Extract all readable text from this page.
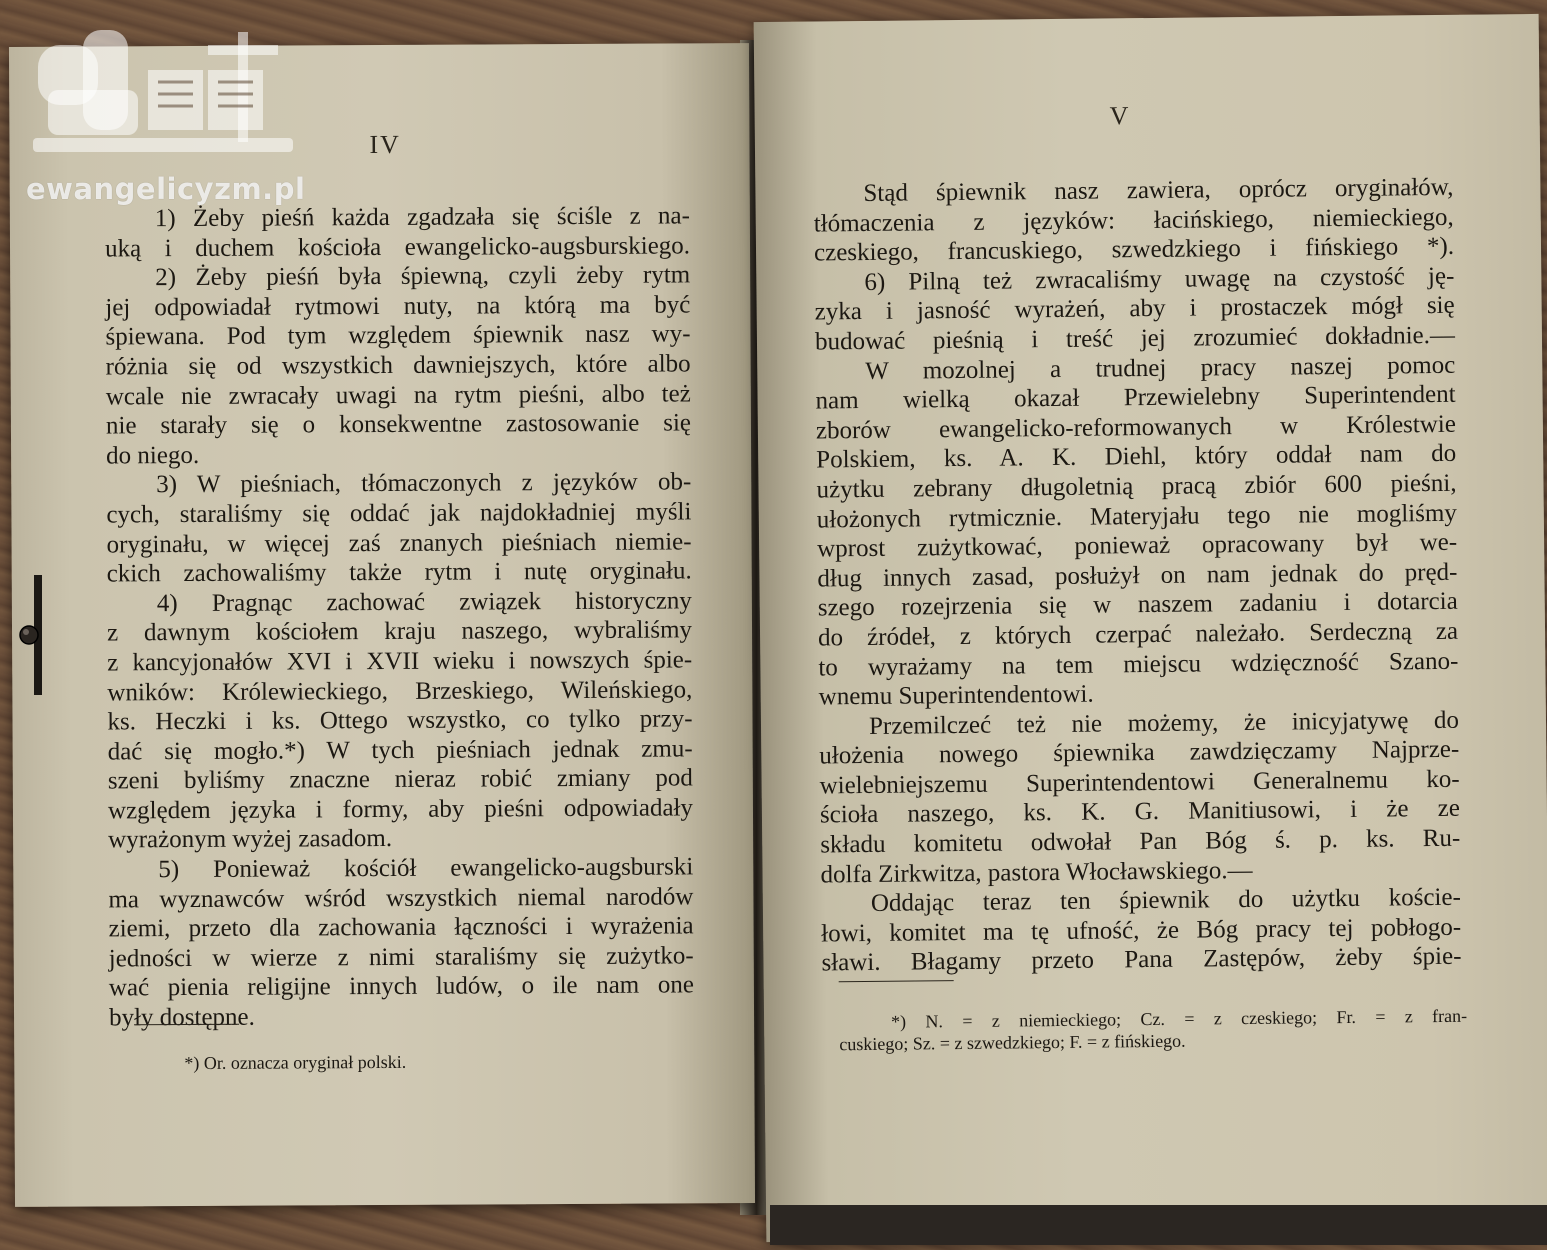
IV
1) Żeby pieśń każda zgadzała się ściśle z na-
uką i duchem kościoła ewangelicko-augsburskiego.
2) Żeby pieśń była śpiewną, czyli żeby rytm
jej odpowiadał rytmowi nuty, na którą ma być
śpiewana. Pod tym względem śpiewnik nasz wy-
różnia się od wszystkich dawniejszych, które albo
wcale nie zwracały uwagi na rytm pieśni, albo też
nie starały się o konsekwentne zastosowanie się
do niego.
3) W pieśniach, tłómaczonych z języków ob-
cych, staraliśmy się oddać jak najdokładniej myśli
oryginału, w więcej zaś znanych pieśniach niemie-
ckich zachowaliśmy także rytm i nutę oryginału.
4) Pragnąc zachować związek historyczny
z dawnym kościołem kraju naszego, wybraliśmy
z kancyjonałów XVI i XVII wieku i nowszych śpie-
wników: Królewieckiego, Brzeskiego, Wileńskiego,
ks. Heczki i ks. Ottego wszystko, co tylko przy-
dać się mogło.*) W tych pieśniach jednak zmu-
szeni byliśmy znaczne nieraz robić zmiany pod
względem języka i formy, aby pieśni odpowiadały
wyrażonym wyżej zasadom.
5) Ponieważ kościół ewangelicko-augsburski
ma wyznawców wśród wszystkich niemal narodów
ziemi, przeto dla zachowania łączności i wyrażenia
jedności w wierze z nimi staraliśmy się zużytko-
wać pienia religijne innych ludów, o ile nam one
były dostępne.
*) Or. oznacza oryginał polski.
V
Stąd śpiewnik nasz zawiera, oprócz oryginałów,
tłómaczenia z języków: łacińskiego, niemieckiego,
czeskiego, francuskiego, szwedzkiego i fińskiego *).
6) Pilną też zwracaliśmy uwagę na czystość ję-
zyka i jasność wyrażeń, aby i prostaczek mógł się
budować pieśnią i treść jej zrozumieć dokładnie.—
W mozolnej a trudnej pracy naszej pomoc
nam wielką okazał Przewielebny Superintendent
zborów ewangelicko-reformowanych w Królestwie
Polskiem, ks. A. K. Diehl, który oddał nam do
użytku zebrany długoletnią pracą zbiór 600 pieśni,
ułożonych rytmicznie. Materyjału tego nie mogliśmy
wprost zużytkować, ponieważ opracowany był we-
dług innych zasad, posłużył on nam jednak do pręd-
szego rozejrzenia się w naszem zadaniu i dotarcia
do źródeł, z których czerpać należało. Serdeczną za
to wyrażamy na tem miejscu wdzięczność Szano-
wnemu Superintendentowi.
Przemilczeć też nie możemy, że inicyjatywę do
ułożenia nowego śpiewnika zawdzięczamy Najprze-
wielebniejszemu Superintendentowi Generalnemu ko-
ścioła naszego, ks. K. G. Manitiusowi, i że ze
składu komitetu odwołał Pan Bóg ś. p. ks. Ru-
dolfa Zirkwitza, pastora Włocławskiego.—
Oddając teraz ten śpiewnik do użytku koście-
łowi, komitet ma tę ufność, że Bóg pracy tej pobłogo-
sławi. Błagamy przeto Pana Zastępów, żeby śpie-
*) N. = z niemieckiego; Cz. = z czeskiego; Fr. = z fran-
cuskiego; Sz. = z szwedzkiego; F. = z fińskiego.
ewangelicyzm.pl
